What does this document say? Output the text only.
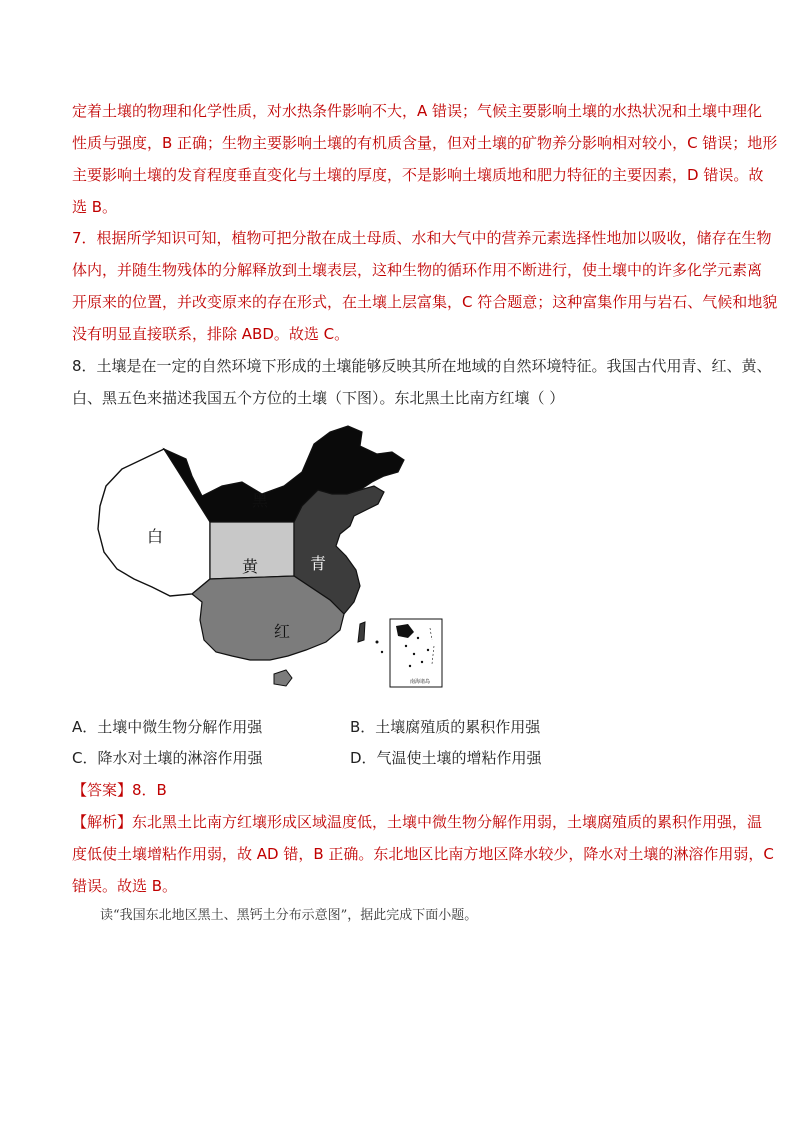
定着土壤的物理和化学性质，对水热条件影响不大，A 错误；气候主要影响土壤的水热状况和土壤中理化
性质与强度，B 正确；生物主要影响土壤的有机质含量，但对土壤的矿物养分影响相对较小，C 错误；地形
主要影响土壤的发育程度垂直变化与土壤的厚度，不是影响土壤质地和肥力特征的主要因素，D 错误。故
选 B。
7．根据所学知识可知，植物可把分散在成土母质、水和大气中的营养元素选择性地加以吸收，储存在生物
体内，并随生物残体的分解释放到土壤表层，这种生物的循环作用不断进行，使土壤中的许多化学元素离
开原来的位置，并改变原来的存在形式，在土壤上层富集，C 符合题意；这种富集作用与岩石、气候和地貌
没有明显直接联系，排除 ABD。故选 C。
8．土壤是在一定的自然环境下形成的土壤能够反映其所在地域的自然环境特征。我国古代用青、红、黄、
白、黑五色来描述我国五个方位的土壤（下图）。东北黑土比南方红壤（ ）
黑
白
黄	青
红
南海诸岛
A．土壤中微生物分解作用强	B．土壤腐殖质的累积作用强
C．降水对土壤的淋溶作用强	D．气温使土壤的增粘作用强
【答案】8．B
【解析】东北黑土比南方红壤形成区域温度低，土壤中微生物分解作用弱，土壤腐殖质的累积作用强，温
度低使土壤增粘作用弱，故 AD 错，B 正确。东北地区比南方地区降水较少，降水对土壤的淋溶作用弱，C
错误。故选 B。
读“我国东北地区黑土、黑钙土分布示意图”，据此完成下面小题。
